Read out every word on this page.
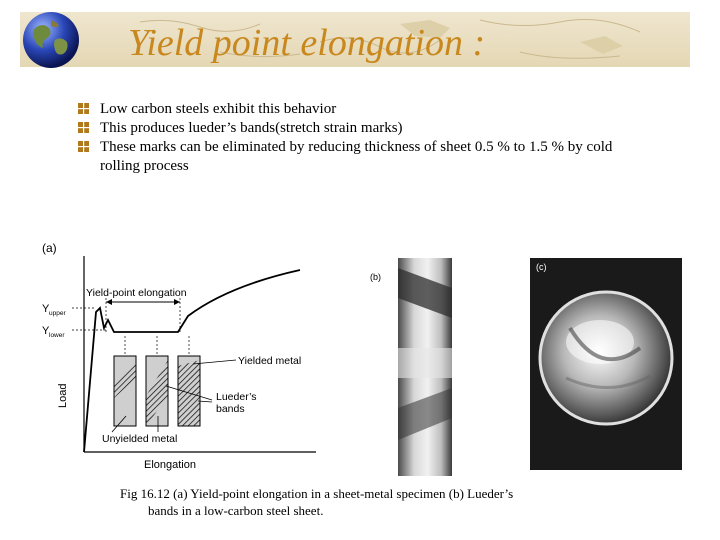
Yield point elongation :
Low carbon steels exhibit this behavior
This produces lueder’s bands(stretch strain marks)
These marks can be eliminated by reducing thickness of sheet 0.5 % to 1.5 % by cold rolling process
(a)
Yield-point elongation
Y upper
Y lower
Yielded metal
Lueder’s
bands
Unyielded metal
Elongation
Load
(b)
(c)
Fig 16.12 (a) Yield-point elongation in a sheet-metal specimen (b) Lueder’s
bands in a low-carbon steel sheet.
